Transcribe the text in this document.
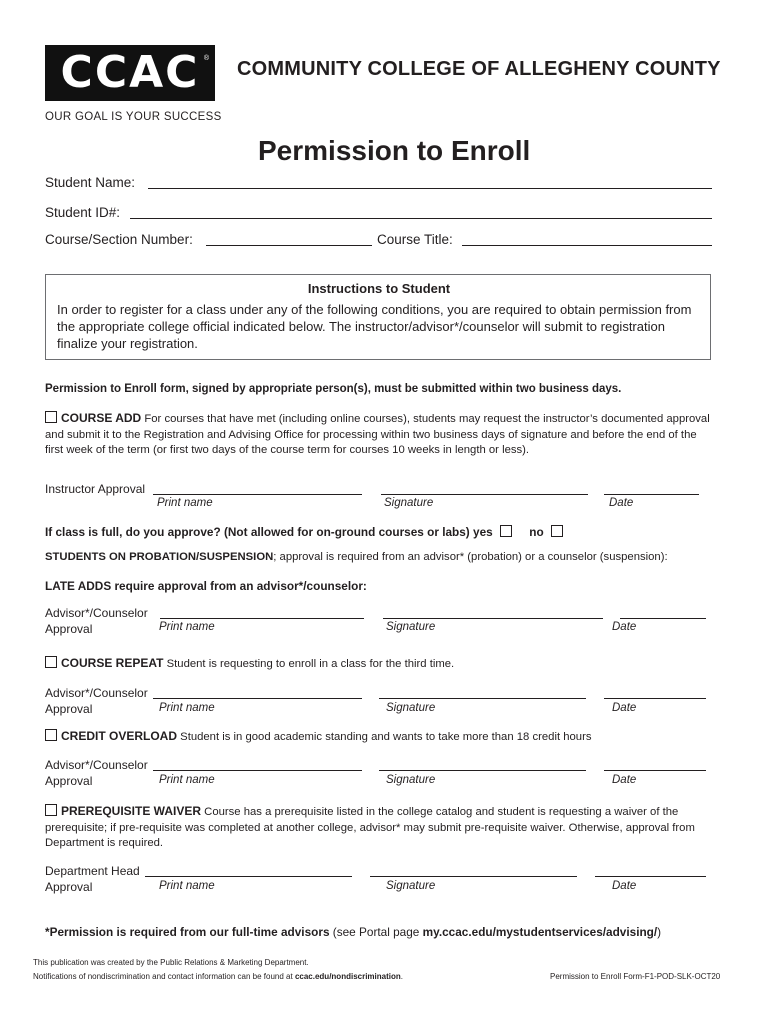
CCAC ® COMMUNITY COLLEGE OF ALLEGHENY COUNTY
OUR GOAL IS YOUR SUCCESS
Permission to Enroll
Student Name:
Student ID#:
Course/Section Number:	Course Title:
Instructions to Student
In order to register for a class under any of the following conditions, you are required to obtain permission from the appropriate college official indicated below. The instructor/advisor*/counselor will submit to registration finalize your registration.
Permission to Enroll form, signed by appropriate person(s), must be submitted within two business days.
COURSE ADD For courses that have met (including online courses), students may request the instructor’s documented approval and submit it to the Registration and Advising Office for processing within two business days of signature and before the end of the first week of the term (or first two days of the course term for courses 10 weeks in length or less).
Instructor Approval
Print name	Signature	Date
If class is full, do you approve? (Not allowed for on-ground courses or labs) yes	no
STUDENTS ON PROBATION/SUSPENSION; approval is required from an advisor* (probation) or a counselor (suspension):
LATE ADDS require approval from an advisor*/counselor:
Advisor*/Counselor
Approval	Print name	Signature	Date
COURSE REPEAT Student is requesting to enroll in a class for the third time.
Advisor*/Counselor
Approval	Print name	Signature	Date
CREDIT OVERLOAD Student is in good academic standing and wants to take more than 18 credit hours
Advisor*/Counselor
Approval	Print name	Signature	Date
PREREQUISITE WAIVER Course has a prerequisite listed in the college catalog and student is requesting a waiver of the prerequisite; if pre-requisite was completed at another college, advisor* may submit pre-requisite waiver. Otherwise, approval from Department is required.
Department Head
Approval	Print name	Signature	Date
*Permission is required from our full-time advisors (see Portal page my.ccac.edu/mystudentservices/advising/)
This publication was created by the Public Relations & Marketing Department.
Notifications of nondiscrimination and contact information can be found at ccac.edu/nondiscrimination.	Permission to Enroll Form-F1-POD-SLK-OCT20
